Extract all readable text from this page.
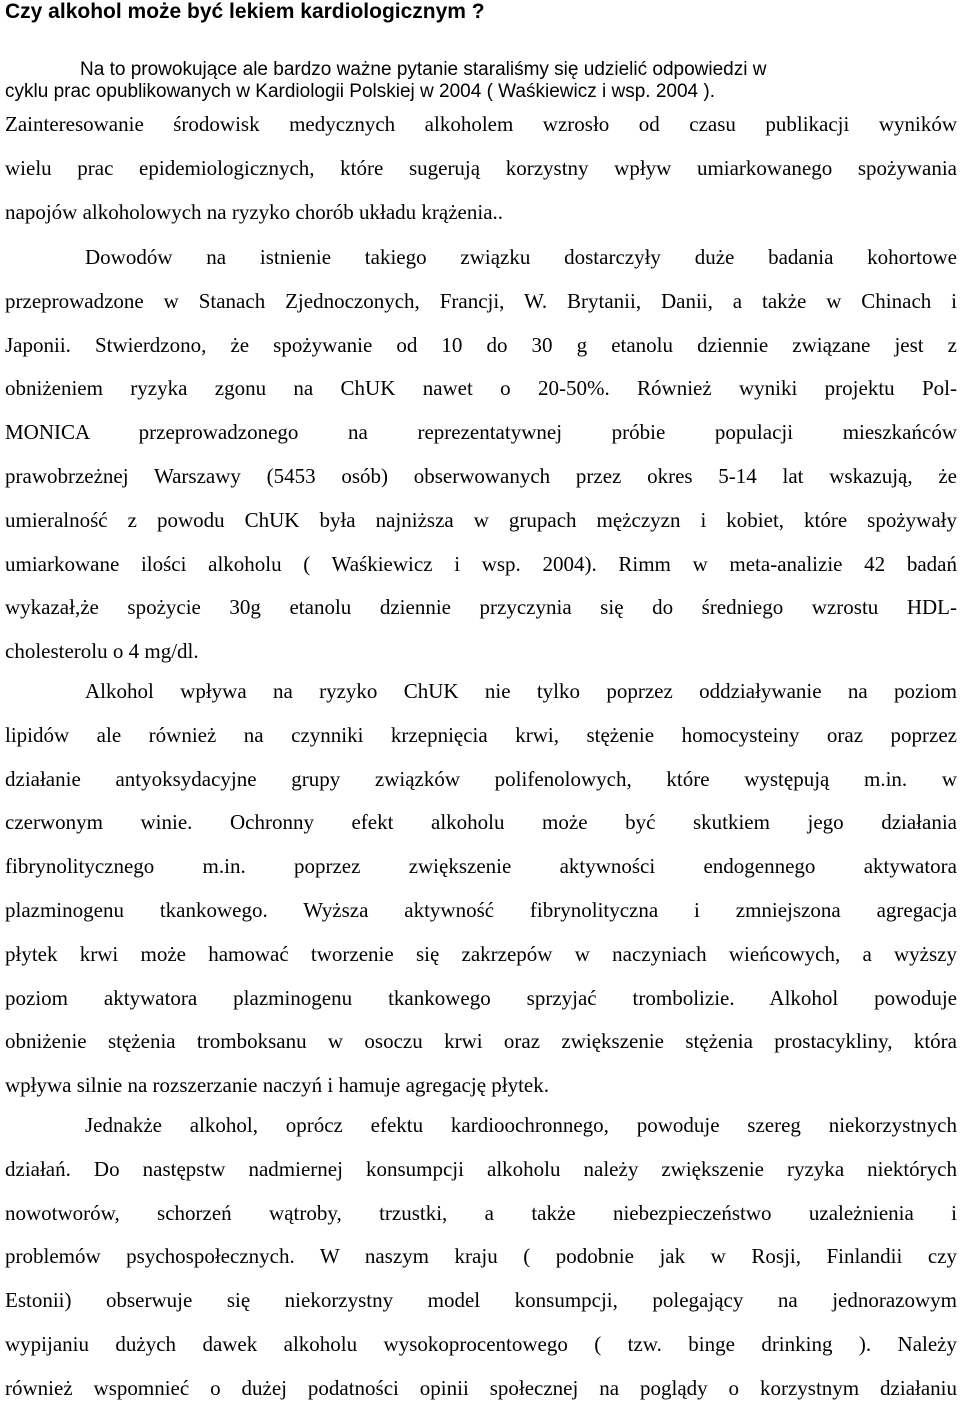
Czy alkohol może być lekiem kardiologicznym ?
Na to prowokujące ale bardzo ważne pytanie staraliśmy się udzielić odpowiedzi w
cyklu prac opublikowanych w Kardiologii Polskiej w 2004 ( Waśkiewicz i wsp. 2004 ).
Zainteresowanie środowisk medycznych alkoholem wzrosło od czasu publikacji wyników
wielu prac epidemiologicznych, które sugerują korzystny wpływ umiarkowanego spożywania
napojów alkoholowych na ryzyko chorób układu krążenia..
Dowodów na istnienie takiego związku dostarczyły duże badania kohortowe
przeprowadzone w Stanach Zjednoczonych, Francji, W. Brytanii, Danii, a także w Chinach i
Japonii. Stwierdzono, że spożywanie od 10 do 30 g etanolu dziennie związane jest z
obniżeniem ryzyka zgonu na ChUK nawet o 20-50%. Również wyniki projektu Pol-
MONICA przeprowadzonego na reprezentatywnej próbie populacji mieszkańców
prawobrzeżnej Warszawy (5453 osób) obserwowanych przez okres 5-14 lat wskazują, że
umieralność z powodu ChUK była najniższa w grupach mężczyzn i kobiet, które spożywały
umiarkowane ilości alkoholu ( Waśkiewicz i wsp. 2004). Rimm w meta-analizie 42 badań
wykazał,że spożycie 30g etanolu dziennie przyczynia się do średniego wzrostu HDL-
cholesterolu o 4 mg/dl.
Alkohol wpływa na ryzyko ChUK nie tylko poprzez oddziaływanie na poziom
lipidów ale również na czynniki krzepnięcia krwi, stężenie homocysteiny oraz poprzez
działanie antyoksydacyjne grupy związków polifenolowych, które występują m.in. w
czerwonym winie. Ochronny efekt alkoholu może być skutkiem jego działania
fibrynolitycznego m.in. poprzez zwiększenie aktywności endogennego aktywatora
plazminogenu tkankowego. Wyższa aktywność fibrynolityczna i zmniejszona agregacja
płytek krwi może hamować tworzenie się zakrzepów w naczyniach wieńcowych, a wyższy
poziom aktywatora plazminogenu tkankowego sprzyjać trombolizie. Alkohol powoduje
obniżenie stężenia tromboksanu w osoczu krwi oraz zwiększenie stężenia prostacykliny, która
wpływa silnie na rozszerzanie naczyń i hamuje agregację płytek.
Jednakże alkohol, oprócz efektu kardioochronnego, powoduje szereg niekorzystnych
działań. Do następstw nadmiernej konsumpcji alkoholu należy zwiększenie ryzyka niektórych
nowotworów, schorzeń wątroby, trzustki, a także niebezpieczeństwo uzależnienia i
problemów psychospołecznych. W naszym kraju ( podobnie jak w Rosji, Finlandii czy
Estonii) obserwuje się niekorzystny model konsumpcji, polegający na jednorazowym
wypijaniu dużych dawek alkoholu wysokoprocentowego ( tzw. binge drinking ). Należy
również wspomnieć o dużej podatności opinii społecznej na poglądy o korzystnym działaniu
